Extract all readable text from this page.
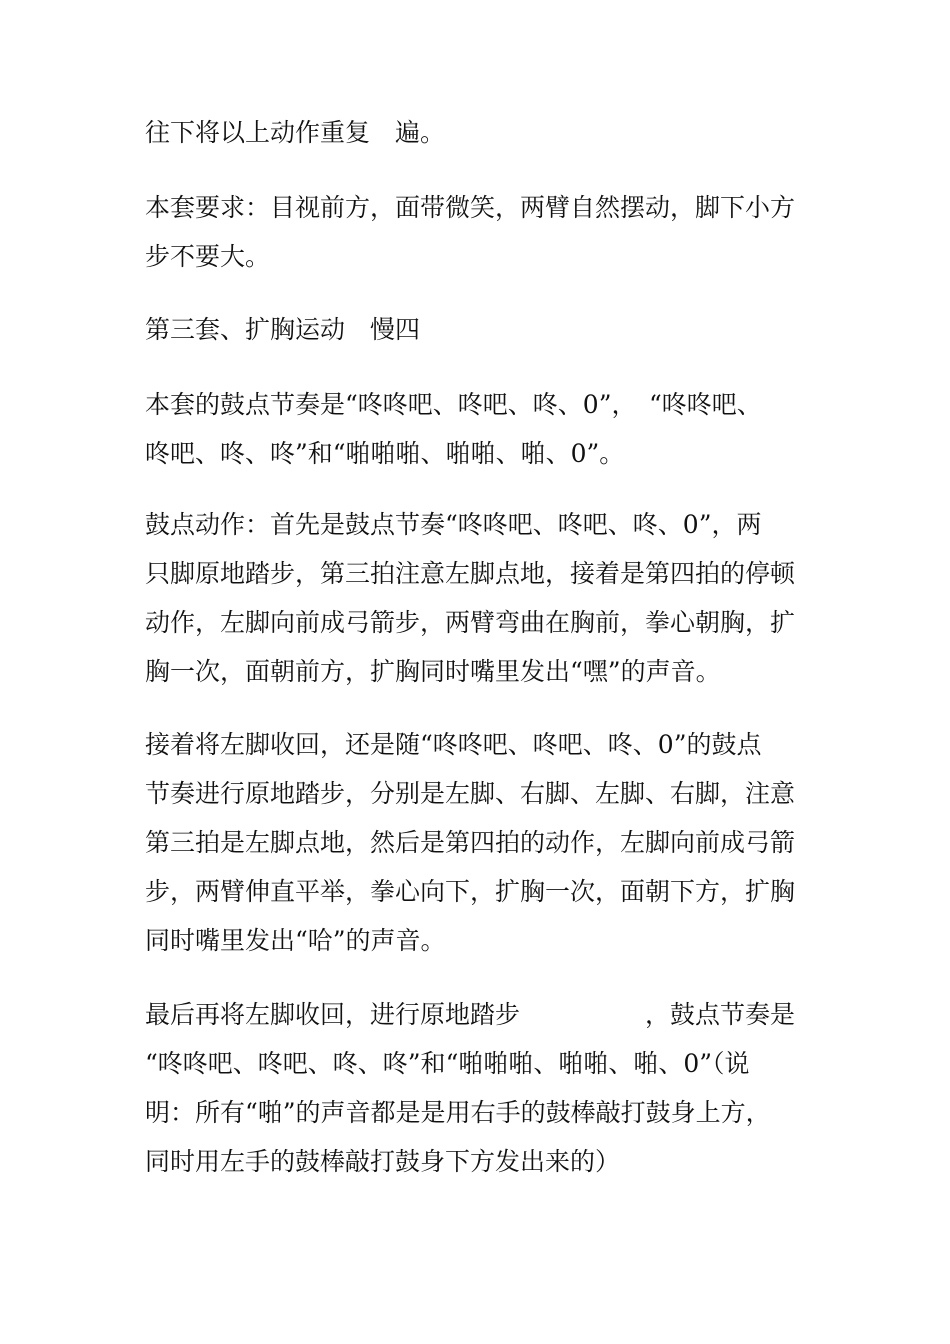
往下将以上动作重复　遍。
本套要求：目视前方，面带微笑，两臂自然摆动，脚下小方
步不要大。
第三套、扩胸运动　慢四
本套的鼓点节奏是“咚咚吧、咚吧、咚、0”，　“咚咚吧、
咚吧、咚、咚”和“啪啪啪、啪啪、啪、0”。
鼓点动作：首先是鼓点节奏“咚咚吧、咚吧、咚、0”，两
只脚原地踏步，第三拍注意左脚点地，接着是第四拍的停顿
动作，左脚向前成弓箭步，两臂弯曲在胸前，拳心朝胸，扩
胸一次，面朝前方，扩胸同时嘴里发出“嘿”的声音。
接着将左脚收回，还是随“咚咚吧、咚吧、咚、0”的鼓点
节奏进行原地踏步，分别是左脚、右脚、左脚、右脚，注意
第三拍是左脚点地，然后是第四拍的动作，左脚向前成弓箭
步，两臂伸直平举，拳心向下，扩胸一次，面朝下方，扩胸
同时嘴里发出“哈”的声音。
最后再将左脚收回，进行原地踏步　　　　　，鼓点节奏是
“咚咚吧、咚吧、咚、咚”和“啪啪啪、啪啪、啪、0”（说
明：所有“啪”的声音都是是用右手的鼓棒敲打鼓身上方，
同时用左手的鼓棒敲打鼓身下方发出来的）
